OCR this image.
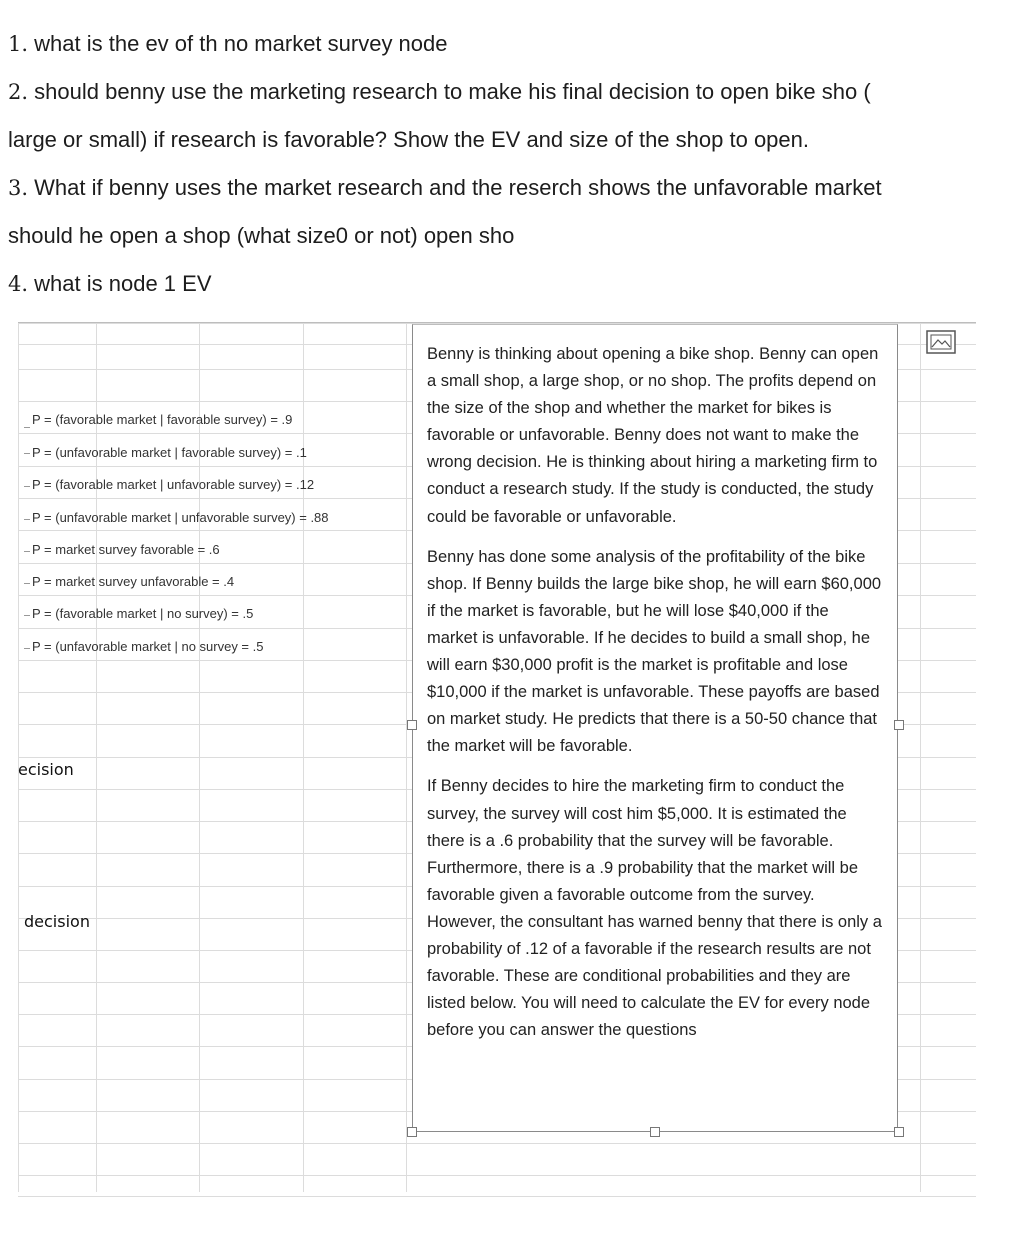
1. what is the ev of th no market survey node
2. should benny use the marketing research to make his final decision to open bike sho (
large or small) if research is favorable? Show the EV and size of the shop to open.
3. What if benny uses the market research and the reserch shows the unfavorable market
should he open a shop (what size0 or not) open sho
4. what is node 1 EV
P = (favorable market | favorable survey) = .9
P = (unfavorable market | favorable survey) = .1
P = (favorable market | unfavorable survey) = .12
P = (unfavorable market | unfavorable survey) = .88
P = market survey favorable = .6
P = market survey unfavorable = .4
P = (favorable market | no survey) = .5
P = (unfavorable market | no survey = .5
ecision
decision

Benny is thinking about opening a bike shop. Benny can open a small shop, a large shop, or no shop. The profits depend on the size of the shop and whether the market for bikes is favorable or unfavorable. Benny does not want to make the wrong decision. He is thinking about hiring a marketing firm to conduct a research study. If the study is conducted, the study could be favorable or unfavorable.

Benny has done some analysis of the profitability of the bike shop. If Benny builds the large bike shop, he will earn $60,000 if the market is favorable, but he will lose $40,000 if the market is unfavorable. If he decides to build a small shop, he will earn $30,000 profit is the market is profitable and lose $10,000 if the market is unfavorable. These payoffs are based on market study. He predicts that there is a 50-50 chance that the market will be favorable.

If Benny decides to hire the marketing firm to conduct the survey, the survey will cost him $5,000. It is estimated the there is a .6 probability that the survey will be favorable. Furthermore, there is a .9 probability that the market will be favorable given a favorable outcome from the survey. However, the consultant has warned benny that there is only a probability of .12 of a favorable if the research results are not favorable. These are conditional probabilities and they are listed below. You will need to calculate the EV for every node before you can answer the questions
